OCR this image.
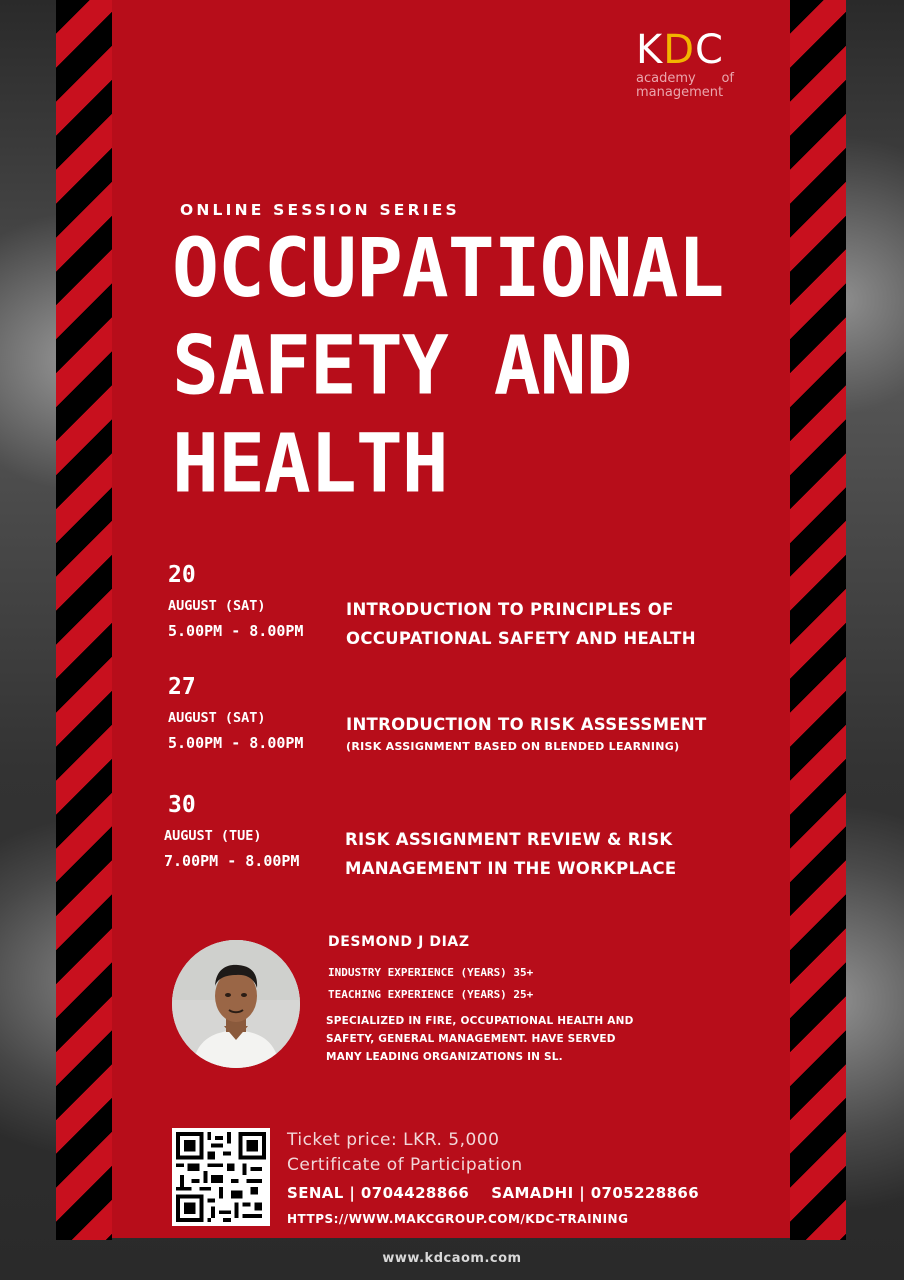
KDC
academy of
management
ONLINE SESSION SERIES
OCCUPATIONAL
SAFETY AND
HEALTH
20
AUGUST (SAT)
5.00PM - 8.00PM
INTRODUCTION TO PRINCIPLES OF
OCCUPATIONAL SAFETY AND HEALTH
27
AUGUST (SAT)
5.00PM - 8.00PM
INTRODUCTION TO RISK ASSESSMENT
(RISK ASSIGNMENT BASED ON BLENDED LEARNING)
30
AUGUST (TUE)
7.00PM - 8.00PM
RISK ASSIGNMENT REVIEW & RISK
MANAGEMENT IN THE WORKPLACE
DESMOND J DIAZ
INDUSTRY EXPERIENCE (YEARS) 35+
TEACHING EXPERIENCE (YEARS) 25+
SPECIALIZED IN FIRE, OCCUPATIONAL HEALTH AND
SAFETY, GENERAL MANAGEMENT. HAVE SERVED
MANY LEADING ORGANIZATIONS IN SL.
Ticket price: LKR. 5,000
Certificate of Participation
SENAL | 0704428866 SAMADHI | 0705228866
HTTPS://WWW.MAKCGROUP.COM/KDC-TRAINING
www.kdcaom.com
